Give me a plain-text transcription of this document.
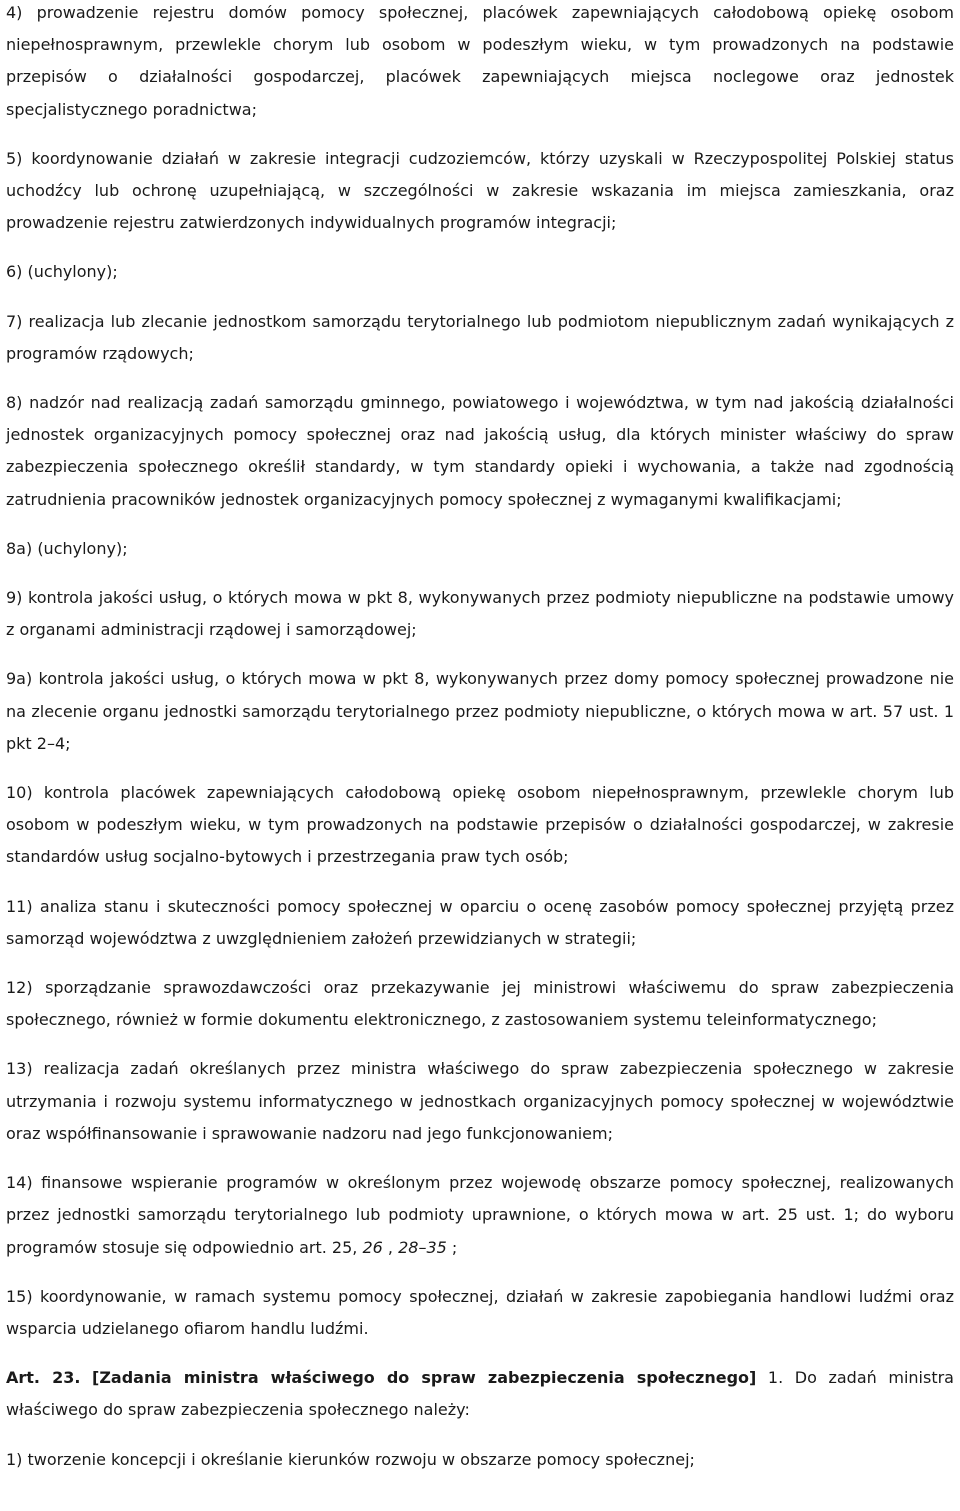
4) prowadzenie rejestru domów pomocy społecznej, placówek zapewniających całodobową opiekę osobom niepełnosprawnym, przewlekle chorym lub osobom w podeszłym wieku, w tym prowadzonych na podstawie przepisów o działalności gospodarczej, placówek zapewniających miejsca noclegowe oraz jednostek specjalistycznego poradnictwa;

5) koordynowanie działań w zakresie integracji cudzoziemców, którzy uzyskali w Rzeczypospolitej Polskiej status uchodźcy lub ochronę uzupełniającą, w szczególności w zakresie wskazania im miejsca zamieszkania, oraz prowadzenie rejestru zatwierdzonych indywidualnych programów integracji;

6) (uchylony);

7) realizacja lub zlecanie jednostkom samorządu terytorialnego lub podmiotom niepublicznym zadań wynikających z programów rządowych;

8) nadzór nad realizacją zadań samorządu gminnego, powiatowego i województwa, w tym nad jakością działalności jednostek organizacyjnych pomocy społecznej oraz nad jakością usług, dla których minister właściwy do spraw zabezpieczenia społecznego określił standardy, w tym standardy opieki i wychowania, a także nad zgodnością zatrudnienia pracowników jednostek organizacyjnych pomocy społecznej z wymaganymi kwalifikacjami;

8a) (uchylony);

9) kontrola jakości usług, o których mowa w pkt 8, wykonywanych przez podmioty niepubliczne na podstawie umowy z organami administracji rządowej i samorządowej;

9a) kontrola jakości usług, o których mowa w pkt 8, wykonywanych przez domy pomocy społecznej prowadzone nie na zlecenie organu jednostki samorządu terytorialnego przez podmioty niepubliczne, o których mowa w art. 57 ust. 1 pkt 2–4;

10) kontrola placówek zapewniających całodobową opiekę osobom niepełnosprawnym, przewlekle chorym lub osobom w podeszłym wieku, w tym prowadzonych na podstawie przepisów o działalności gospodarczej, w zakresie standardów usług socjalno-bytowych i przestrzegania praw tych osób;

11) analiza stanu i skuteczności pomocy społecznej w oparciu o ocenę zasobów pomocy społecznej przyjętą przez samorząd województwa z uwzględnieniem założeń przewidzianych w strategii;

12) sporządzanie sprawozdawczości oraz przekazywanie jej ministrowi właściwemu do spraw zabezpieczenia społecznego, również w formie dokumentu elektronicznego, z zastosowaniem systemu teleinformatycznego;

13) realizacja zadań określanych przez ministra właściwego do spraw zabezpieczenia społecznego w zakresie utrzymania i rozwoju systemu informatycznego w jednostkach organizacyjnych pomocy społecznej w województwie oraz współfinansowanie i sprawowanie nadzoru nad jego funkcjonowaniem;

14) finansowe wspieranie programów w określonym przez wojewodę obszarze pomocy społecznej, realizowanych przez jednostki samorządu terytorialnego lub podmioty uprawnione, o których mowa w art. 25 ust. 1; do wyboru programów stosuje się odpowiednio art. 25, 26 , 28–35 ;

15) koordynowanie, w ramach systemu pomocy społecznej, działań w zakresie zapobiegania handlowi ludźmi oraz wsparcia udzielanego ofiarom handlu ludźmi.

Art. 23. [Zadania ministra właściwego do spraw zabezpieczenia społecznego] 1. Do zadań ministra właściwego do spraw zabezpieczenia społecznego należy:

1) tworzenie koncepcji i określanie kierunków rozwoju w obszarze pomocy społecznej;
